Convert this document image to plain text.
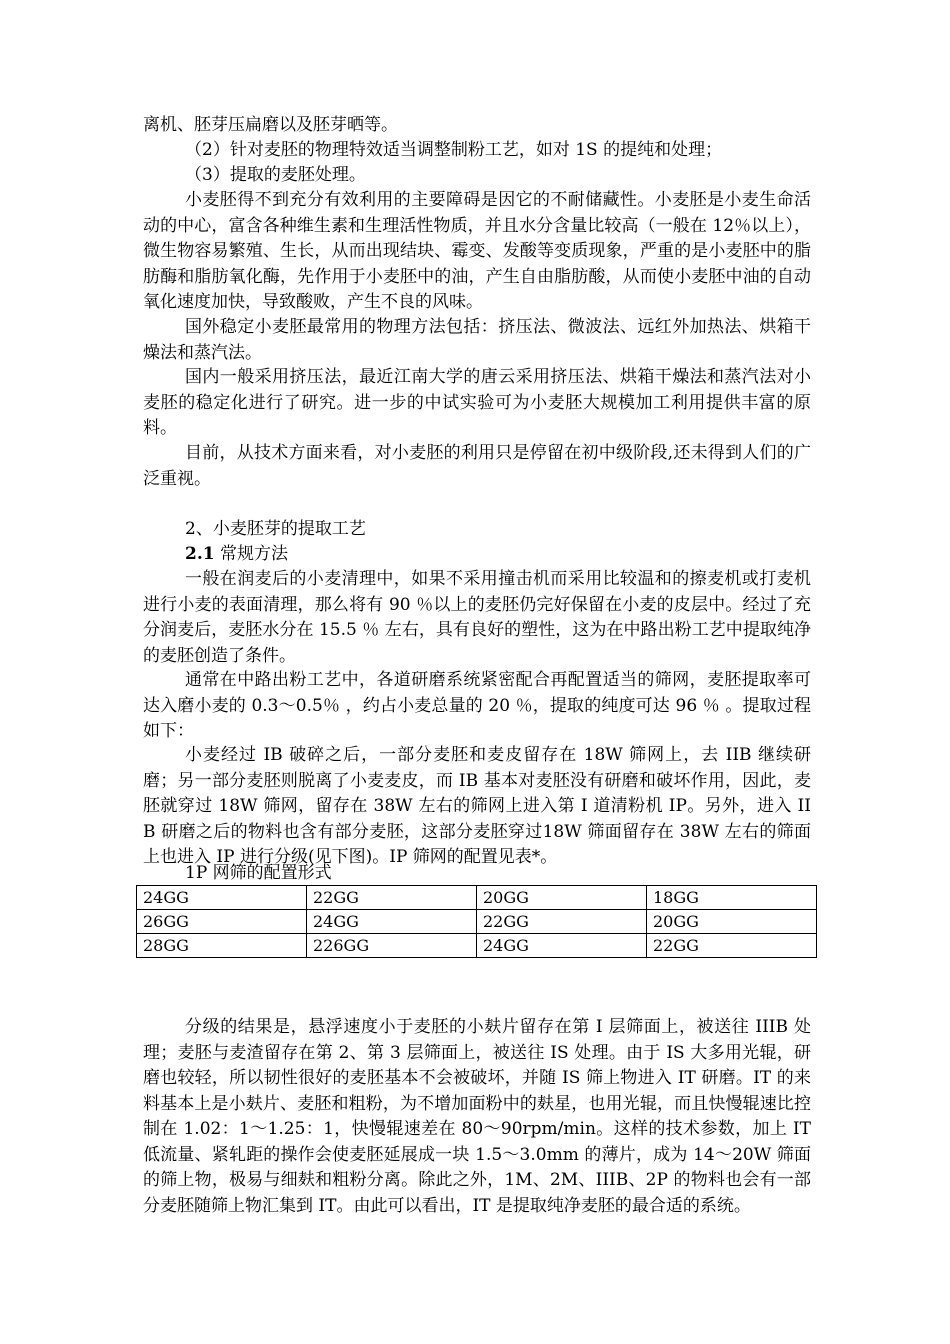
离机、胚芽压扁磨以及胚芽晒等。

（2）针对麦胚的物理特效适当调整制粉工艺，如对 1S 的提纯和处理；

（3）提取的麦胚处理。

小麦胚得不到充分有效利用的主要障碍是因它的不耐储藏性。小麦胚是小麦生命活动的中心，富含各种维生素和生理活性物质，并且水分含量比较高（一般在 12％以上），微生物容易繁殖、生长，从而出现结块、霉变、发酸等变质现象，严重的是小麦胚中的脂肪酶和脂肪氧化酶，先作用于小麦胚中的油，产生自由脂肪酸，从而使小麦胚中油的自动氧化速度加快，导致酸败，产生不良的风味。

国外稳定小麦胚最常用的物理方法包括：挤压法、微波法、远红外加热法、烘箱干燥法和蒸汽法。

国内一般采用挤压法，最近江南大学的唐云采用挤压法、烘箱干燥法和蒸汽法对小麦胚的稳定化进行了研究。进一步的中试实验可为小麦胚大规模加工利用提供丰富的原料。

目前，从技术方面来看，对小麦胚的利用只是停留在初中级阶段,还未得到人们的广泛重视。

2、小麦胚芽的提取工艺

2.1 常规方法

一般在润麦后的小麦清理中，如果不采用撞击机而采用比较温和的擦麦机或打麦机进行小麦的表面清理，那么将有 90 ％以上的麦胚仍完好保留在小麦的皮层中。经过了充分润麦后，麦胚水分在 15.5 ％ 左右，具有良好的塑性，这为在中路出粉工艺中提取纯净的麦胚创造了条件。

通常在中路出粉工艺中，各道研磨系统紧密配合再配置适当的筛网，麦胚提取率可达入磨小麦的 0.3～0.5％ ，约占小麦总量的 20 ％，提取的纯度可达 96 ％ 。提取过程如下：

小麦经过 IB 破碎之后，一部分麦胚和麦皮留存在 18W 筛网上，去 IIB 继续研磨；另一部分麦胚则脱离了小麦麦皮，而 IB 基本对麦胚没有研磨和破坏作用，因此，麦胚就穿过 18W 筛网，留存在 38W 左右的筛网上进入第 I 道清粉机 IP。另外，进入 II B 研磨之后的物料也含有部分麦胚，这部分麦胚穿过18W 筛面留存在 38W 左右的筛面上也进入 IP 进行分级(见下图)。IP 筛网的配置见表*。

1P 网筛的配置形式

24GG	22GG	20GG	18GG
26GG	24GG	22GG	20GG
28GG	226GG	24GG	22GG

分级的结果是，悬浮速度小于麦胚的小麸片留存在第 I 层筛面上，被送往 IIIB 处理；麦胚与麦渣留存在第 2、第 3 层筛面上，被送往 IS 处理。由于 IS 大多用光辊，研磨也较轻，所以韧性很好的麦胚基本不会被破坏，并随 IS 筛上物进入 IT 研磨。IT 的来料基本上是小麸片、麦胚和粗粉，为不增加面粉中的麸星，也用光辊，而且快慢辊速比控制在 1.02：1～1.25：1，快慢辊速差在 80～90rpm/min。这样的技术参数，加上 IT 低流量、紧轧距的操作会使麦胚延展成一块 1.5～3.0mm 的薄片，成为 14～20W 筛面的筛上物，极易与细麸和粗粉分离。除此之外，1M、2M、IIIB、2P 的物料也会有一部分麦胚随筛上物汇集到 IT。由此可以看出，IT 是提取纯净麦胚的最合适的系统。
